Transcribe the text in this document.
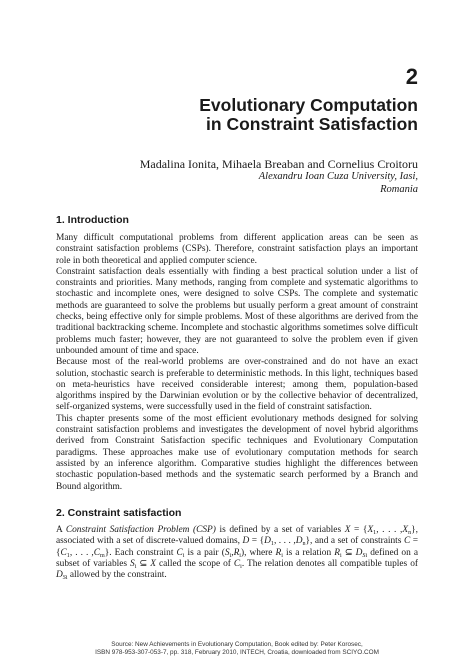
2
Evolutionary Computation
in Constraint Satisfaction
Madalina Ionita, Mihaela Breaban and Cornelius Croitoru
Alexandru Ioan Cuza University, Iasi,
Romania
1. Introduction

Many difficult computational problems from different application areas can be seen as constraint satisfaction problems (CSPs). Therefore, constraint satisfaction plays an important role in both theoretical and applied computer science.

Constraint satisfaction deals essentially with finding a best practical solution under a list of constraints and priorities. Many methods, ranging from complete and systematic algorithms to stochastic and incomplete ones, were designed to solve CSPs. The complete and systematic methods are guaranteed to solve the problems but usually perform a great amount of constraint checks, being effective only for simple problems. Most of these algorithms are derived from the traditional backtracking scheme. Incomplete and stochastic algorithms sometimes solve difficult problems much faster; however, they are not guaranteed to solve the problem even if given unbounded amount of time and space.

Because most of the real-world problems are over-constrained and do not have an exact solution, stochastic search is preferable to deterministic methods. In this light, techniques based on meta-heuristics have received considerable interest; among them, population-based algorithms inspired by the Darwinian evolution or by the collective behavior of decentralized, self-organized systems, were successfully used in the field of constraint satisfaction.

This chapter presents some of the most efficient evolutionary methods designed for solving constraint satisfaction problems and investigates the development of novel hybrid algorithms derived from Constraint Satisfaction specific techniques and Evolutionary Computation paradigms. These approaches make use of evolutionary computation methods for search assisted by an inference algorithm. Comparative studies highlight the differences between stochastic population-based methods and the systematic search performed by a Branch and Bound algorithm.

2. Constraint satisfaction

A Constraint Satisfaction Problem (CSP) is defined by a set of variables $X = \{X_1$, . . . $,X_n$}, associated with a set of discrete-valued domains, $D = \{D_1$, . . . $,D_n$}, and a set of constraints $C = \{C_1$, . . . $,C_m$}. Each constraint $C_i$ is a pair $(S_i,R_i)$, where $R_i$ is a relation $R_i$ ⊆ $D_{Si}$ defined on a subset of variables $S_i$ ⊆ X called the scope of $C_i$. The relation denotes all compatible tuples of $D_{Si}$ allowed by the constraint.

Source: New Achievements in Evolutionary Computation, Book edited by: Peter Korosec,
ISBN 978-953-307-053-7, pp. 318, February 2010, INTECH, Croatia, downloaded from SCIYO.COM
